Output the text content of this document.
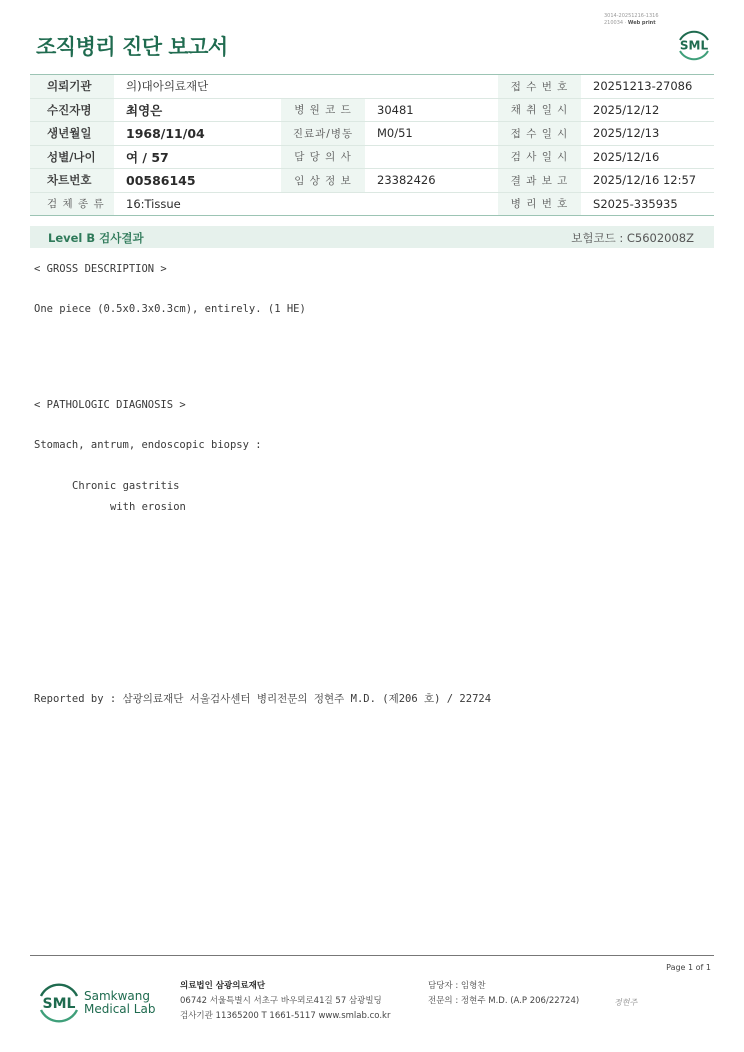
3014-20251216-1316
210034 · Web print
조직병리 진단 보고서	SML
의뢰기관	의)대아의료재단			접 수 번 호	20251213-27086
수진자명	최영은	병 원 코 드	30481	채 취 일 시	2025/12/12
생년월일	1968/11/04	진료과/병동	M0/51	접 수 일 시	2025/12/13
성별/나이	여 / 57	담 당 의 사		검 사 일 시	2025/12/16
차트번호	00586145	임 상 정 보	23382426	결 과 보 고	2025/12/16 12:57
검 체 종 류	16:Tissue			병 리 번 호	S2025-335935
Level B 검사결과	보험코드 : C5602008Z
< GROSS DESCRIPTION >
One piece (0.5x0.3x0.3cm), entirely. (1 HE)
< PATHOLOGIC DIAGNOSIS >
Stomach, antrum, endoscopic biopsy :
Chronic gastritis
with erosion
Reported by : 삼광의료재단 서울검사센터 병리전문의 정현주 M.D. (제206 호) / 22724
Page 1 of 1
SML Samkwang
Medical Lab
의료법인 삼광의료재단
06742 서울특별시 서초구 바우뫼로41길 57 삼광빌딩
검사기관 11365200 T 1661-5117 www.smlab.co.kr
담당자 : 임형찬
전문의 : 정현주 M.D. (A.P 206/22724)	정현주
